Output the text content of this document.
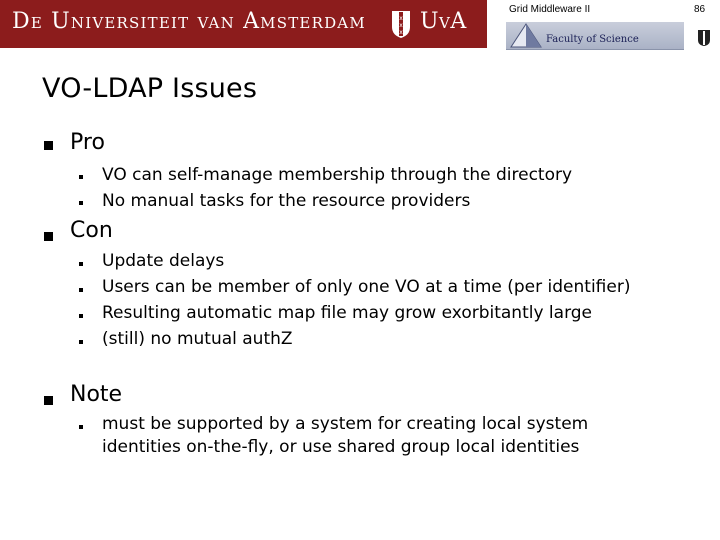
De Universiteit van Amsterdam	x
x
x UvA	Grid Middleware II	86
Faculty of Science
VO-LDAP Issues
Pro
VO can self-manage membership through the directory
No manual tasks for the resource providers
Con
Update delays
Users can be member of only one VO at a time (per identifier)
Resulting automatic map file may grow exorbitantly large
(still) no mutual authZ
Note
must be supported by a system for creating local system
identities on-the-fly, or use shared group local identities
